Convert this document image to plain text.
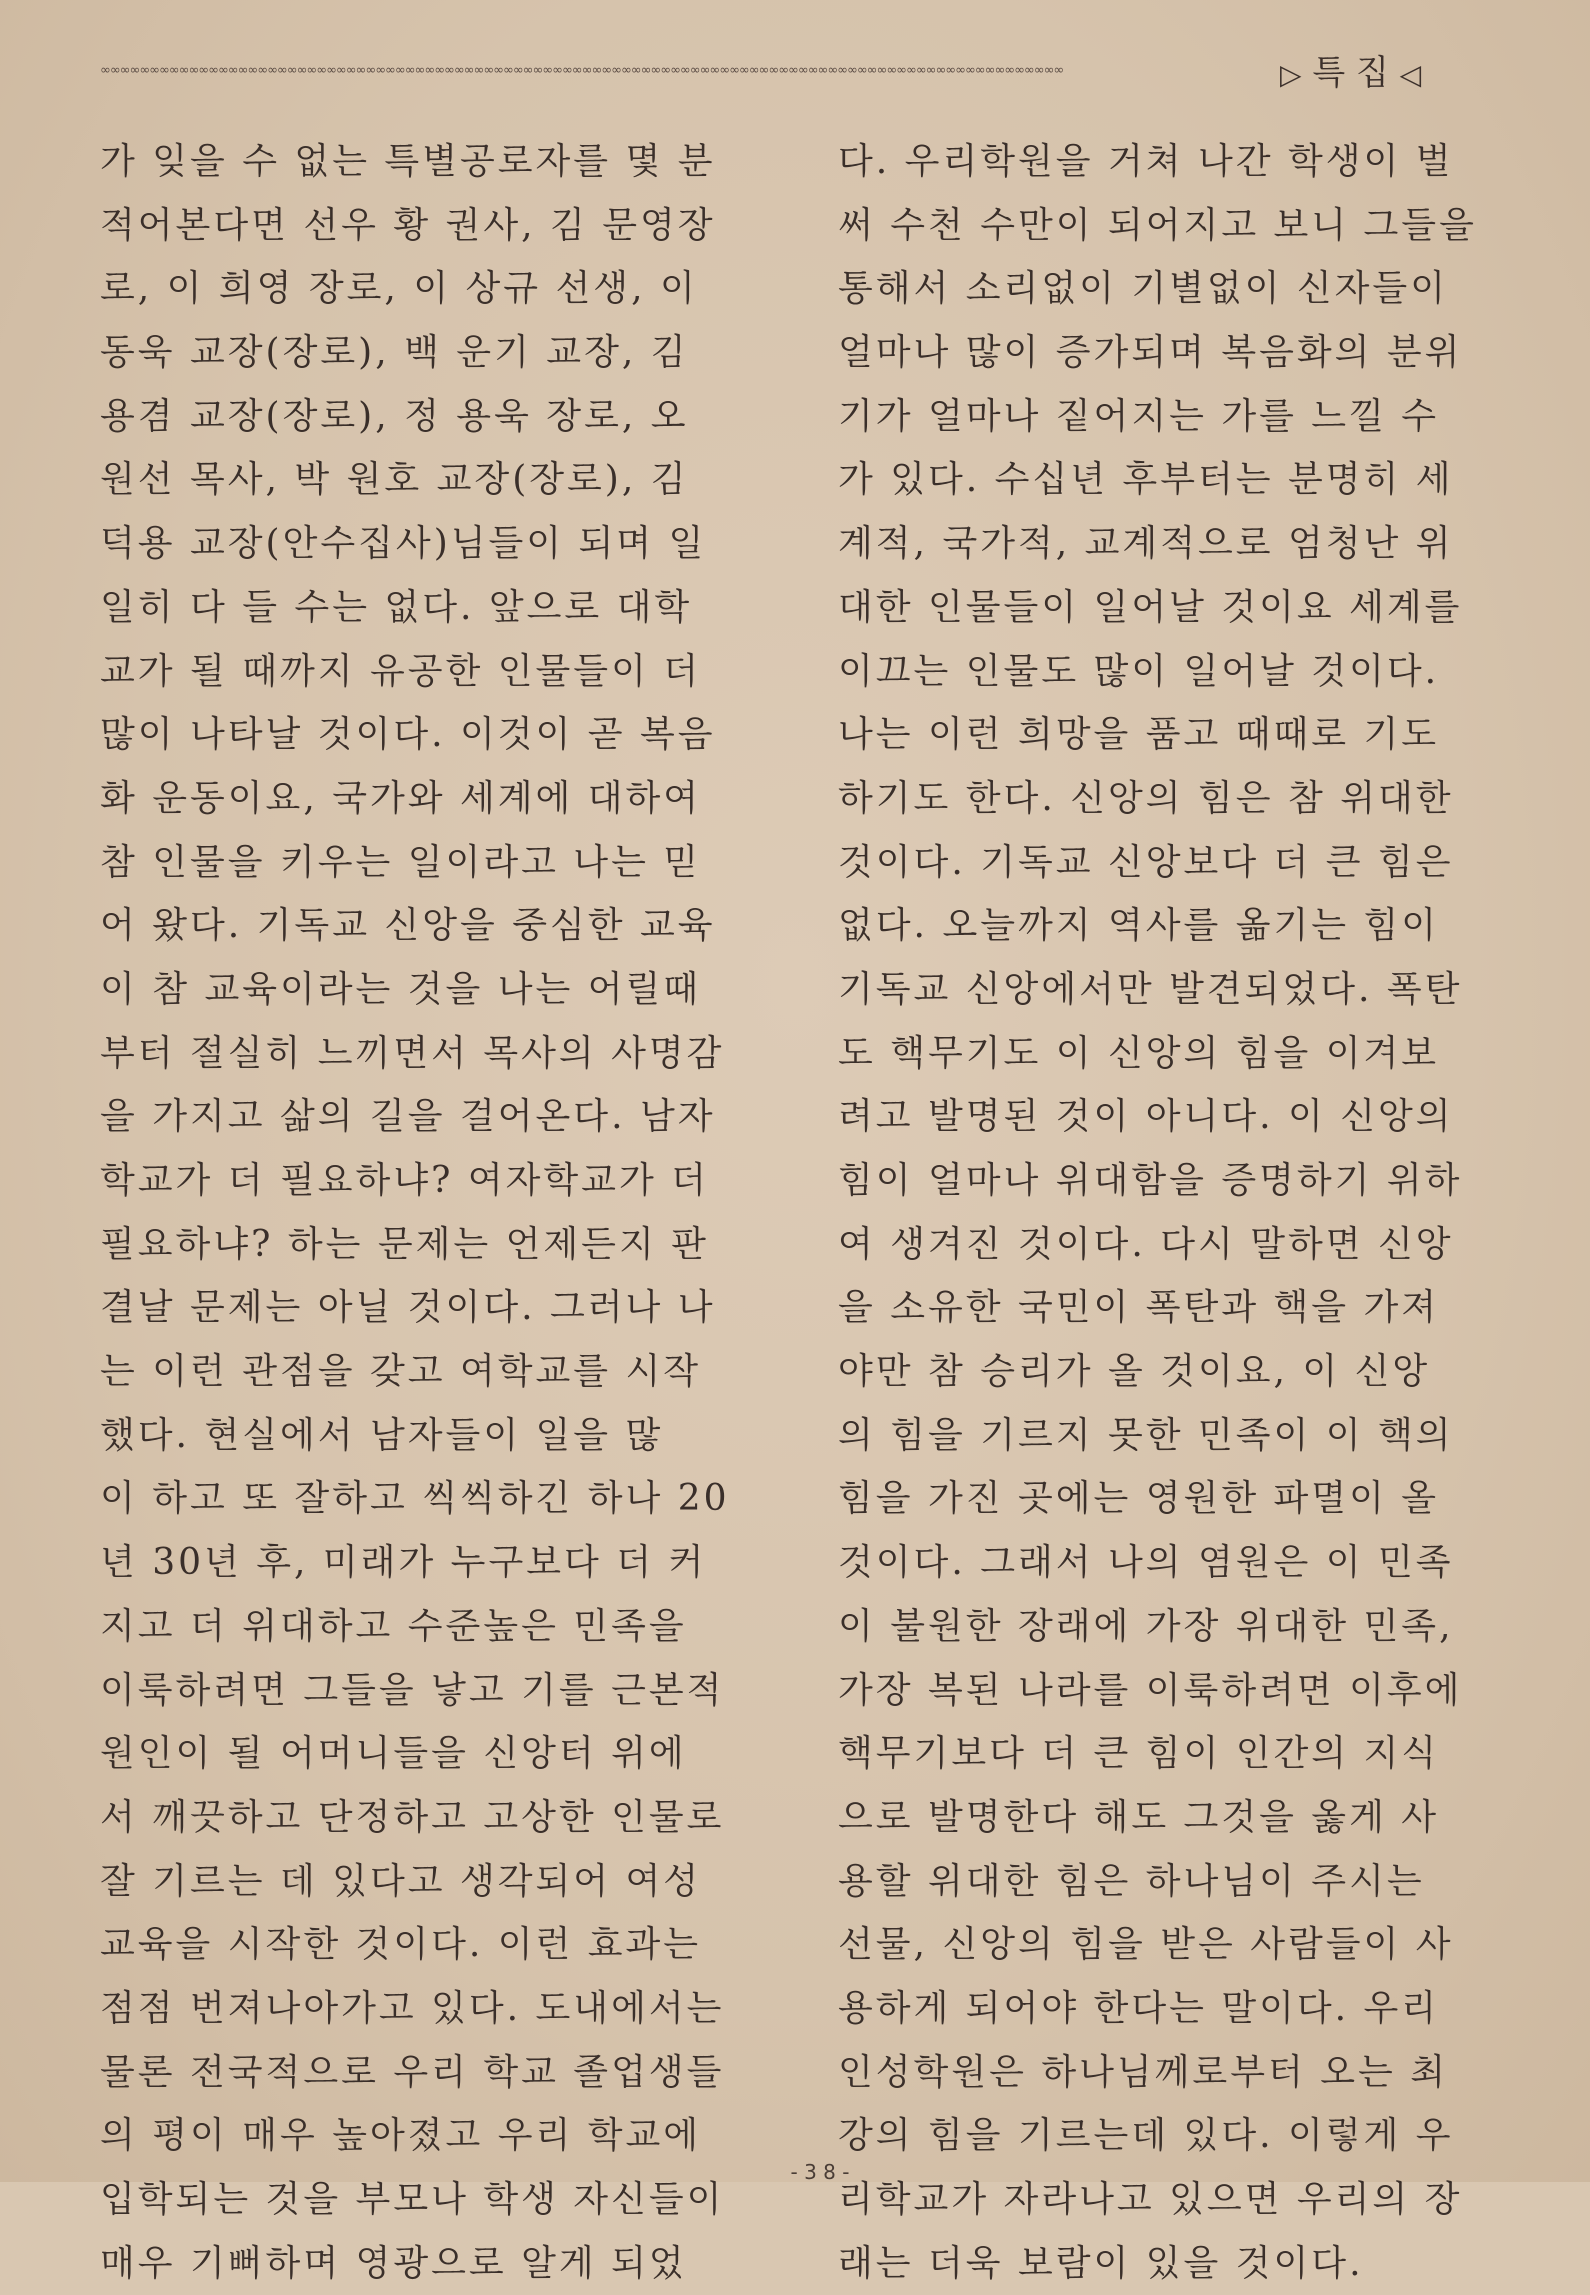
∞∞∞∞∞∞∞∞∞∞∞∞∞∞∞∞∞∞∞∞∞∞∞∞∞∞∞∞∞∞∞∞∞∞∞∞∞∞∞∞∞∞∞∞∞∞∞∞∞∞∞∞∞∞∞∞∞∞∞∞∞∞∞∞∞∞∞∞∞∞∞∞∞∞∞∞∞∞∞∞∞∞∞∞∞∞∞∞∞∞∞∞∞∞∞∞∞∞	▷ 특 집 ◁
가 잊을 수 없는 특별공로자를 몇 분
적어본다면 선우 황 권사, 김 문영장
로, 이 희영 장로, 이 상규 선생, 이
동욱 교장(장로), 백 운기 교장, 김
용겸 교장(장로), 정 용욱 장로, 오
원선 목사, 박 원호 교장(장로), 김
덕용 교장(안수집사)님들이 되며 일
일히 다 들 수는 없다. 앞으로 대학
교가 될 때까지 유공한 인물들이 더
많이 나타날 것이다. 이것이 곧 복음
화 운동이요, 국가와 세계에 대하여
참 인물을 키우는 일이라고 나는 믿
어 왔다. 기독교 신앙을 중심한 교육
이 참 교육이라는 것을 나는 어릴때
부터 절실히 느끼면서 목사의 사명감
을 가지고 삶의 길을 걸어온다. 남자
학교가 더 필요하냐? 여자학교가 더
필요하냐? 하는 문제는 언제든지 판
결날 문제는 아닐 것이다. 그러나 나
는 이런 관점을 갖고 여학교를 시작
했다. 현실에서 남자들이 일을 많
이 하고 또 잘하고 씩씩하긴 하나 20
년 30년 후, 미래가 누구보다 더 커
지고 더 위대하고 수준높은 민족을
이룩하려면 그들을 낳고 기를 근본적
원인이 될 어머니들을 신앙터 위에
서 깨끗하고 단정하고 고상한 인물로
잘 기르는 데 있다고 생각되어 여성
교육을 시작한 것이다. 이런 효과는
점점 번져나아가고 있다. 도내에서는
물론 전국적으로 우리 학교 졸업생들
의 평이 매우 높아졌고 우리 학교에
입학되는 것을 부모나 학생 자신들이
매우 기뻐하며 영광으로 알게 되었
다. 우리학원을 거쳐 나간 학생이 벌
써 수천 수만이 되어지고 보니 그들을
통해서 소리없이 기별없이 신자들이
얼마나 많이 증가되며 복음화의 분위
기가 얼마나 짙어지는 가를 느낄 수
가 있다. 수십년 후부터는 분명히 세
계적, 국가적, 교계적으로 엄청난 위
대한 인물들이 일어날 것이요 세계를
이끄는 인물도 많이 일어날 것이다.
나는 이런 희망을 품고 때때로 기도
하기도 한다. 신앙의 힘은 참 위대한
것이다. 기독교 신앙보다 더 큰 힘은
없다. 오늘까지 역사를 옮기는 힘이
기독교 신앙에서만 발견되었다. 폭탄
도 핵무기도 이 신앙의 힘을 이겨보
려고 발명된 것이 아니다. 이 신앙의
힘이 얼마나 위대함을 증명하기 위하
여 생겨진 것이다. 다시 말하면 신앙
을 소유한 국민이 폭탄과 핵을 가져
야만 참 승리가 올 것이요, 이 신앙
의 힘을 기르지 못한 민족이 이 핵의
힘을 가진 곳에는 영원한 파멸이 올
것이다. 그래서 나의 염원은 이 민족
이 불원한 장래에 가장 위대한 민족,
가장 복된 나라를 이룩하려면 이후에
핵무기보다 더 큰 힘이 인간의 지식
으로 발명한다 해도 그것을 옳게 사
용할 위대한 힘은 하나님이 주시는
선물, 신앙의 힘을 받은 사람들이 사
용하게 되어야 한다는 말이다. 우리
인성학원은 하나님께로부터 오는 최
강의 힘을 기르는데 있다. 이렇게 우
리학교가 자라나고 있으면 우리의 장
래는 더욱 보람이 있을 것이다.
- 3 8 -
